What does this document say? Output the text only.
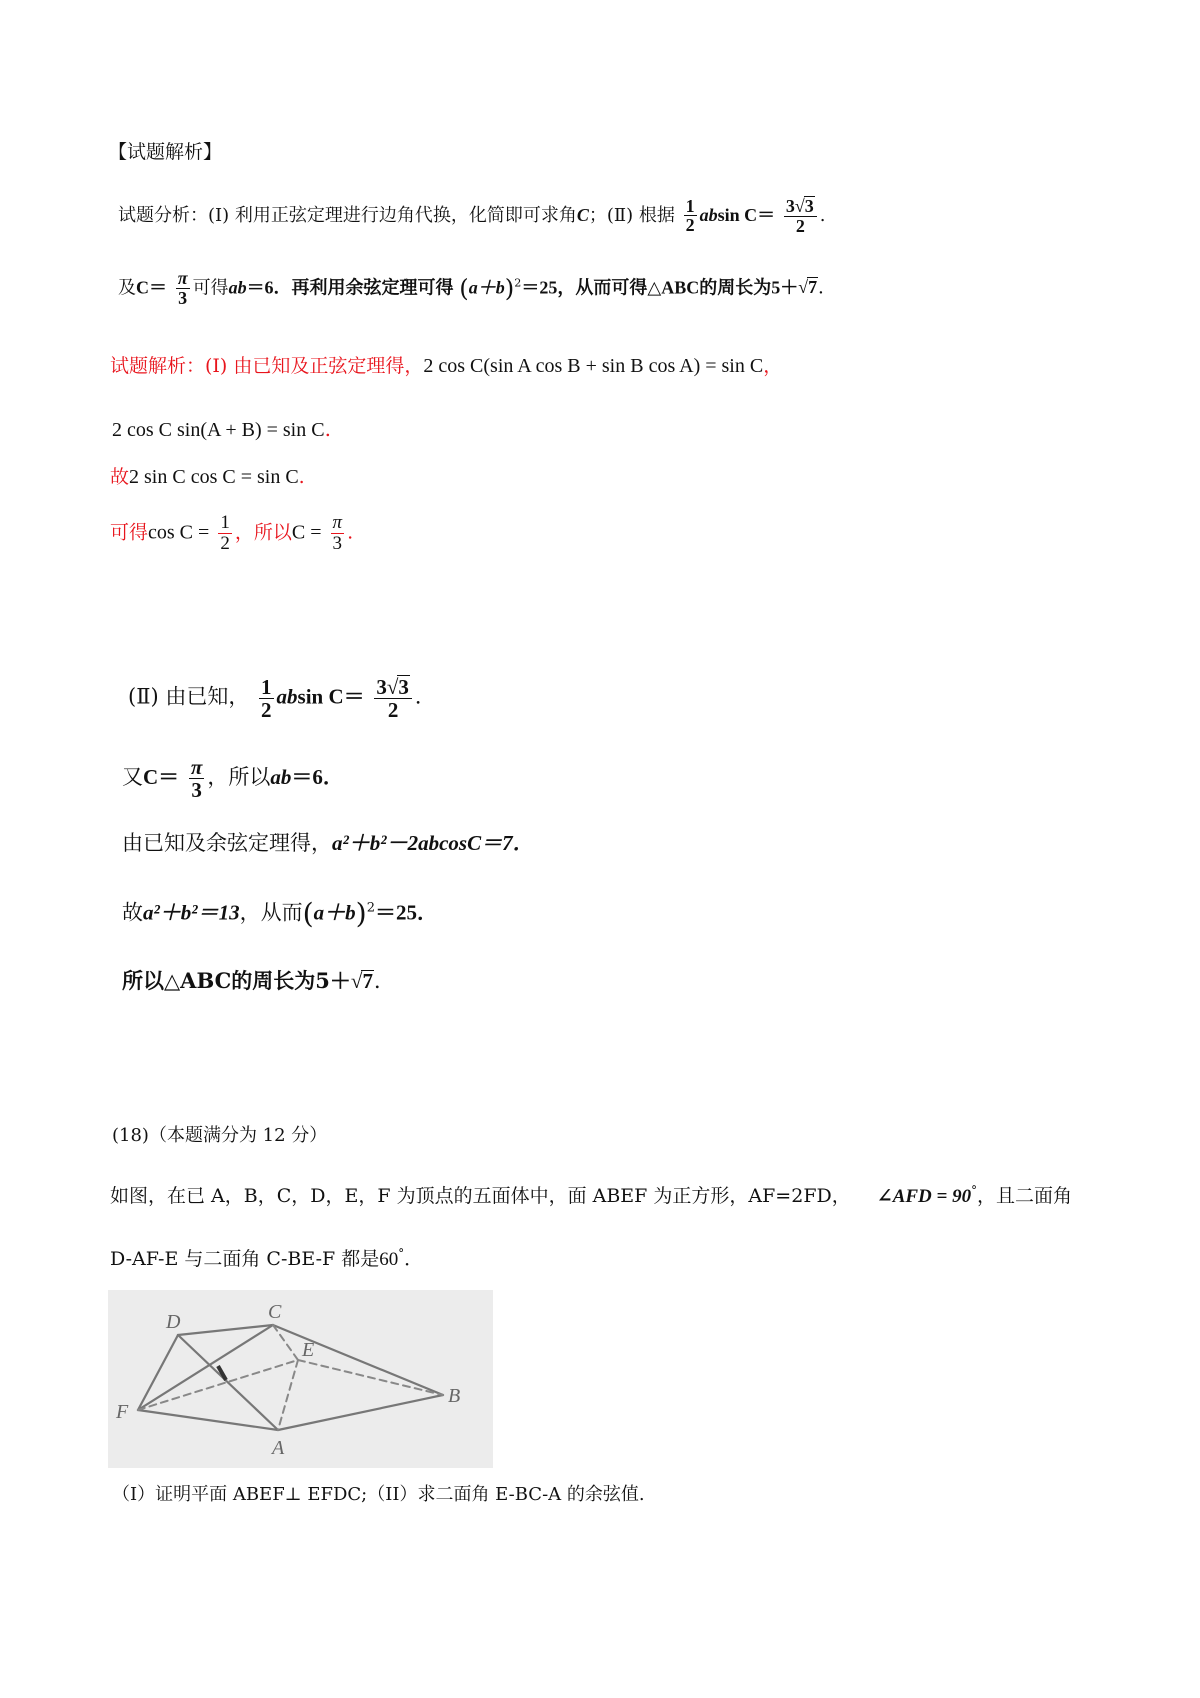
【试题解析】
试题分析：(Ⅰ) 利用正弦定理进行边角代换，化简即可求角C；(Ⅱ) 根据 $\frac{1}{2}$ absin $C= \frac{3√3}{2}$ .
及$C= \frac{\pi}{3}$ 可得ab＝6．再利用余弦定理可得 $(a+b)^2=25$，从而可得△ABC的周长为5＋√7．
试题解析：(Ⅰ) 由已知及正弦定理得，2 cos C(sin A cos B + sin B cos A) = sin C，
2 cos C sin(A + B) = sin C.
故2 sin C cos C = sin C.
可得$\cos C = \frac{1}{2}$ ，所以$C = \frac{\pi}{3}$ .
(Ⅱ) 由已知， $\frac{1}{2}$ absin $C= \frac{3√3}{2}$ ．
又$C= \frac{\pi}{3}$ ，所以ab＝6．
由已知及余弦定理得，a²＋b²－2abcosC＝7．
故a²＋b²＝13，从而$(a+b)^2=25$．
所以△ABC的周长为5＋√7．
(18)（本题满分为 12 分）
如图，在已 A，B，C，D，E，F 为顶点的五面体中，面 ABEF 为正方形，AF=2FD， ∠AFD = 90°，且二面角
D-AF-E 与二面角 C-BE-F 都是60°．
D	C
E
F
A
B
（I）证明平面 ABEF⊥ EFDC;（II）求二面角 E-BC-A 的余弦值.
